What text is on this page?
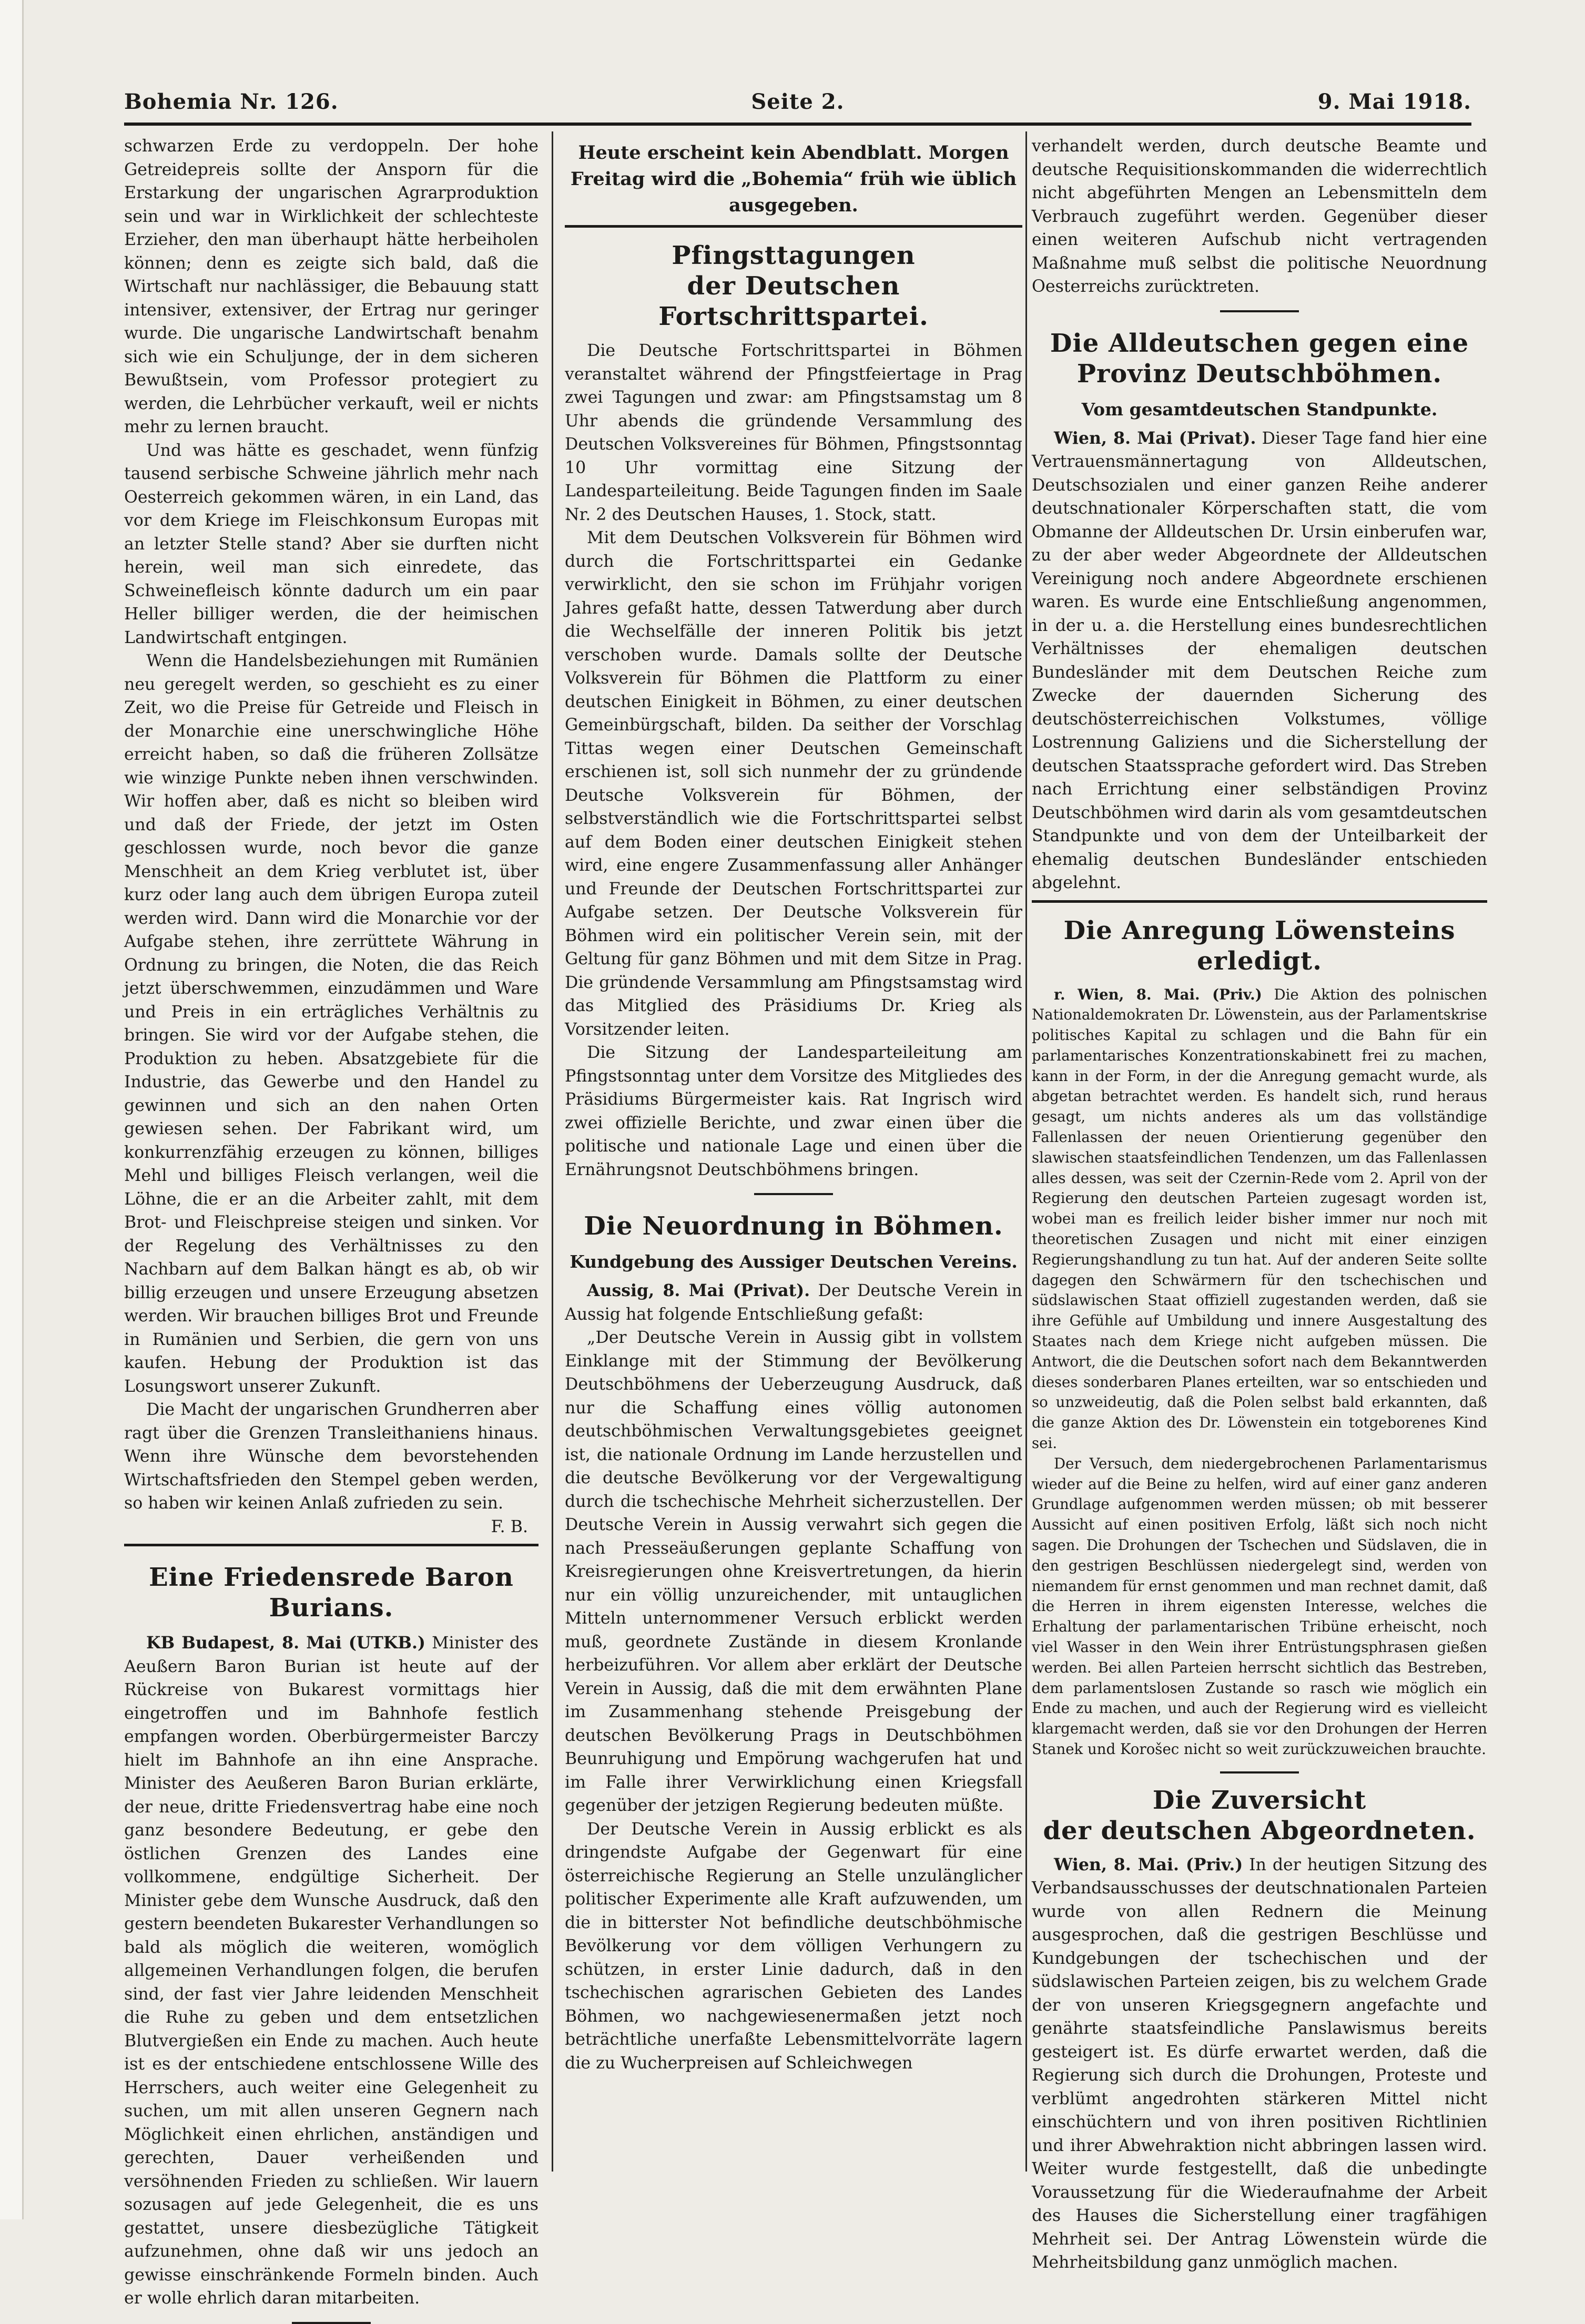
Bohemia Nr. 126.	Seite 2.	9. Mai 1918.

schwarzen Erde zu verdoppeln. Der hohe Getreidepreis sollte der Ansporn für die Erstarkung der ungarischen Agrarproduktion sein und war in Wirklichkeit der schlechteste Erzieher, den man überhaupt hätte herbeiholen können; denn es zeigte sich bald, daß die Wirtschaft nur nachlässiger, die Bebauung statt intensiver, extensiver, der Ertrag nur geringer wurde. Die ungarische Landwirtschaft benahm sich wie ein Schuljunge, der in dem sicheren Bewußtsein, vom Professor protegiert zu werden, die Lehrbücher verkauft, weil er nichts mehr zu lernen braucht.

Und was hätte es geschadet, wenn fünfzig tausend serbische Schweine jährlich mehr nach Oesterreich gekommen wären, in ein Land, das vor dem Kriege im Fleischkonsum Europas mit an letzter Stelle stand? Aber sie durften nicht herein, weil man sich einredete, das Schweinefleisch könnte dadurch um ein paar Heller billiger werden, die der heimischen Landwirtschaft entgingen.

Wenn die Handelsbeziehungen mit Rumänien neu geregelt werden, so geschieht es zu einer Zeit, wo die Preise für Getreide und Fleisch in der Monarchie eine unerschwingliche Höhe erreicht haben, so daß die früheren Zollsätze wie winzige Punkte neben ihnen verschwinden. Wir hoffen aber, daß es nicht so bleiben wird und daß der Friede, der jetzt im Osten geschlossen wurde, noch bevor die ganze Menschheit an dem Krieg verblutet ist, über kurz oder lang auch dem übrigen Europa zuteil werden wird. Dann wird die Monarchie vor der Aufgabe stehen, ihre zerrüttete Währung in Ordnung zu bringen, die Noten, die das Reich jetzt überschwemmen, einzudämmen und Ware und Preis in ein erträgliches Verhältnis zu bringen. Sie wird vor der Aufgabe stehen, die Produktion zu heben. Absatzgebiete für die Industrie, das Gewerbe und den Handel zu gewinnen und sich an den nahen Orten gewiesen sehen. Der Fabrikant wird, um konkurrenzfähig erzeugen zu können, billiges Mehl und billiges Fleisch verlangen, weil die Löhne, die er an die Arbeiter zahlt, mit dem Brot- und Fleischpreise steigen und sinken. Vor der Regelung des Verhältnisses zu den Nachbarn auf dem Balkan hängt es ab, ob wir billig erzeugen und unsere Erzeugung absetzen werden. Wir brauchen billiges Brot und Freunde in Rumänien und Serbien, die gern von uns kaufen. Hebung der Produktion ist das Losungswort unserer Zukunft.

Die Macht der ungarischen Grundherren aber ragt über die Grenzen Transleithaniens hinaus. Wenn ihre Wünsche dem bevorstehenden Wirtschaftsfrieden den Stempel geben werden, so haben wir keinen Anlaß zufrieden zu sein.

F. B.
Eine Friedensrede Baron Burians.

KB Budapest, 8. Mai (UTKB.) Minister des Aeußern Baron Burian ist heute auf der Rückreise von Bukarest vormittags hier eingetroffen und im Bahnhofe festlich empfangen worden. Oberbürgermeister Barczy hielt im Bahnhofe an ihn eine Ansprache. Minister des Aeußeren Baron Burian erklärte, der neue, dritte Friedensvertrag habe eine noch ganz besondere Bedeutung, er gebe den östlichen Grenzen des Landes eine vollkommene, endgültige Sicherheit. Der Minister gebe dem Wunsche Ausdruck, daß den gestern beendeten Bukarester Verhandlungen so bald als möglich die weiteren, womöglich allgemeinen Verhandlungen folgen, die berufen sind, der fast vier Jahre leidenden Menschheit die Ruhe zu geben und dem entsetzlichen Blutvergießen ein Ende zu machen. Auch heute ist es der entschiedene entschlossene Wille des Herrschers, auch weiter eine Gelegenheit zu suchen, um mit allen unseren Gegnern nach Möglichkeit einen ehrlichen, anständigen und gerechten, Dauer verheißenden und versöhnenden Frieden zu schließen. Wir lauern sozusagen auf jede Gelegenheit, die es uns gestattet, unsere diesbezügliche Tätigkeit aufzunehmen, ohne daß wir uns jedoch an gewisse einschränkende Formeln binden. Auch er wolle ehrlich daran mitarbeiten.

Heute erscheint kein Abendblatt. Morgen Freitag wird die „Bohemia“ früh wie üblich ausgegeben.
Pfingsttagungen
der Deutschen Fortschrittspartei.

Die Deutsche Fortschrittspartei in Böhmen veranstaltet während der Pfingstfeiertage in Prag zwei Tagungen und zwar: am Pfingstsamstag um 8 Uhr abends die gründende Versammlung des Deutschen Volksvereines für Böhmen, Pfingstsonntag 10 Uhr vormittag eine Sitzung der Landesparteileitung. Beide Tagungen finden im Saale Nr. 2 des Deutschen Hauses, 1. Stock, statt.

Mit dem Deutschen Volksverein für Böhmen wird durch die Fortschrittspartei ein Gedanke verwirklicht, den sie schon im Frühjahr vorigen Jahres gefaßt hatte, dessen Tatwerdung aber durch die Wechselfälle der inneren Politik bis jetzt verschoben wurde. Damals sollte der Deutsche Volksverein für Böhmen die Plattform zu einer deutschen Einigkeit in Böhmen, zu einer deutschen Gemeinbürgschaft, bilden. Da seither der Vorschlag Tittas wegen einer Deutschen Gemeinschaft erschienen ist, soll sich nunmehr der zu gründende Deutsche Volksverein für Böhmen, der selbstverständlich wie die Fortschrittspartei selbst auf dem Boden einer deutschen Einigkeit stehen wird, eine engere Zusammenfassung aller Anhänger und Freunde der Deutschen Fortschrittspartei zur Aufgabe setzen. Der Deutsche Volksverein für Böhmen wird ein politischer Verein sein, mit der Geltung für ganz Böhmen und mit dem Sitze in Prag. Die gründende Versammlung am Pfingstsamstag wird das Mitglied des Präsidiums Dr. Krieg als Vorsitzender leiten.

Die Sitzung der Landesparteileitung am Pfingstsonntag unter dem Vorsitze des Mitgliedes des Präsidiums Bürgermeister kais. Rat Ingrisch wird zwei offizielle Berichte, und zwar einen über die politische und nationale Lage und einen über die Ernährungsnot Deutschböhmens bringen.

Die Neuordnung in Böhmen.
Kundgebung des Aussiger Deutschen Vereins.

Aussig, 8. Mai (Privat). Der Deutsche Verein in Aussig hat folgende Entschließung gefaßt:

„Der Deutsche Verein in Aussig gibt in vollstem Einklange mit der Stimmung der Bevölkerung Deutschböhmens der Ueberzeugung Ausdruck, daß nur die Schaffung eines völlig autonomen deutschböhmischen Verwaltungsgebietes geeignet ist, die nationale Ordnung im Lande herzustellen und die deutsche Bevölkerung vor der Vergewaltigung durch die tschechische Mehrheit sicherzustellen. Der Deutsche Verein in Aussig verwahrt sich gegen die nach Presseäußerungen geplante Schaffung von Kreisregierungen ohne Kreisvertretungen, da hierin nur ein völlig unzureichender, mit untauglichen Mitteln unternommener Versuch erblickt werden muß, geordnete Zustände in diesem Kronlande herbeizuführen. Vor allem aber erklärt der Deutsche Verein in Aussig, daß die mit dem erwähnten Plane im Zusammenhang stehende Preisgebung der deutschen Bevölkerung Prags in Deutschböhmen Beunruhigung und Empörung wachgerufen hat und im Falle ihrer Verwirklichung einen Kriegsfall gegenüber der jetzigen Regierung bedeuten müßte.

Der Deutsche Verein in Aussig erblickt es als dringendste Aufgabe der Gegenwart für eine österreichische Regierung an Stelle unzulänglicher politischer Experimente alle Kraft aufzuwenden, um die in bitterster Not befindliche deutschböhmische Bevölkerung vor dem völligen Verhungern zu schützen, in erster Linie dadurch, daß in den tschechischen agrarischen Gebieten des Landes Böhmen, wo nachgewiesenermaßen jetzt noch beträchtliche unerfaßte Lebensmittelvorräte lagern die zu Wucherpreisen auf Schleichwegen

verhandelt werden, durch deutsche Beamte und deutsche Requisitionskommanden die widerrechtlich nicht abgeführten Mengen an Lebensmitteln dem Verbrauch zugeführt werden. Gegenüber dieser einen weiteren Aufschub nicht vertragenden Maßnahme muß selbst die politische Neuordnung Oesterreichs zurücktreten.

Die Alldeutschen gegen eine Provinz Deutschböhmen.
Vom gesamtdeutschen Standpunkte.

Wien, 8. Mai (Privat). Dieser Tage fand hier eine Vertrauensmännertagung von Alldeutschen, Deutschsozialen und einer ganzen Reihe anderer deutschnationaler Körperschaften statt, die vom Obmanne der Alldeutschen Dr. Ursin einberufen war, zu der aber weder Abgeordnete der Alldeutschen Vereinigung noch andere Abgeordnete erschienen waren. Es wurde eine Entschließung angenommen, in der u. a. die Herstellung eines bundesrechtlichen Verhältnisses der ehemaligen deutschen Bundesländer mit dem Deutschen Reiche zum Zwecke der dauernden Sicherung des deutschösterreichischen Volkstumes, völlige Lostrennung Galiziens und die Sicherstellung der deutschen Staatssprache gefordert wird. Das Streben nach Errichtung einer selbständigen Provinz Deutschböhmen wird darin als vom gesamtdeutschen Standpunkte und von dem der Unteilbarkeit der ehemalig deutschen Bundesländer entschieden abgelehnt.

Die Anregung Löwensteins erledigt.

r. Wien, 8. Mai. (Priv.) Die Aktion des polnischen Nationaldemokraten Dr. Löwenstein, aus der Parlamentskrise politisches Kapital zu schlagen und die Bahn für ein parlamentarisches Konzentrationskabinett frei zu machen, kann in der Form, in der die Anregung gemacht wurde, als abgetan betrachtet werden. Es handelt sich, rund heraus gesagt, um nichts anderes als um das vollständige Fallenlassen der neuen Orientierung gegenüber den slawischen staatsfeindlichen Tendenzen, um das Fallenlassen alles dessen, was seit der Czernin-Rede vom 2. April von der Regierung den deutschen Parteien zugesagt worden ist, wobei man es freilich leider bisher immer nur noch mit theoretischen Zusagen und nicht mit einer einzigen Regierungshandlung zu tun hat. Auf der anderen Seite sollte dagegen den Schwärmern für den tschechischen und südslawischen Staat offiziell zugestanden werden, daß sie ihre Gefühle auf Umbildung und innere Ausgestaltung des Staates nach dem Kriege nicht aufgeben müssen. Die Antwort, die die Deutschen sofort nach dem Bekanntwerden dieses sonderbaren Planes erteilten, war so entschieden und so unzweideutig, daß die Polen selbst bald erkannten, daß die ganze Aktion des Dr. Löwenstein ein totgeborenes Kind sei.

Der Versuch, dem niedergebrochenen Parlamentarismus wieder auf die Beine zu helfen, wird auf einer ganz anderen Grundlage aufgenommen werden müssen; ob mit besserer Aussicht auf einen positiven Erfolg, läßt sich noch nicht sagen. Die Drohungen der Tschechen und Südslaven, die in den gestrigen Beschlüssen niedergelegt sind, werden von niemandem für ernst genommen und man rechnet damit, daß die Herren in ihrem eigensten Interesse, welches die Erhaltung der parlamentarischen Tribüne erheischt, noch viel Wasser in den Wein ihrer Entrüstungsphrasen gießen werden. Bei allen Parteien herrscht sichtlich das Bestreben, dem parlamentslosen Zustande so rasch wie möglich ein Ende zu machen, und auch der Regierung wird es vielleicht klargemacht werden, daß sie vor den Drohungen der Herren Stanek und Korošec nicht so weit zurückzuweichen brauchte.

Die Zuversicht
der deutschen Abgeordneten.

Wien, 8. Mai. (Priv.) In der heutigen Sitzung des Verbandsausschusses der deutschnationalen Parteien wurde von allen Rednern die Meinung ausgesprochen, daß die gestrigen Beschlüsse und Kundgebungen der tschechischen und der südslawischen Parteien zeigen, bis zu welchem Grade der von unseren Kriegsgegnern angefachte und genährte staatsfeindliche Panslawismus bereits gesteigert ist. Es dürfe erwartet werden, daß die Regierung sich durch die Drohungen, Proteste und verblümt angedrohten stärkeren Mittel nicht einschüchtern und von ihren positiven Richtlinien und ihrer Abwehraktion nicht abbringen lassen wird. Weiter wurde festgestellt, daß die unbedingte Voraussetzung für die Wiederaufnahme der Arbeit des Hauses die Sicherstellung einer tragfähigen Mehrheit sei. Der Antrag Löwenstein würde die Mehrheitsbildung ganz unmöglich machen.
